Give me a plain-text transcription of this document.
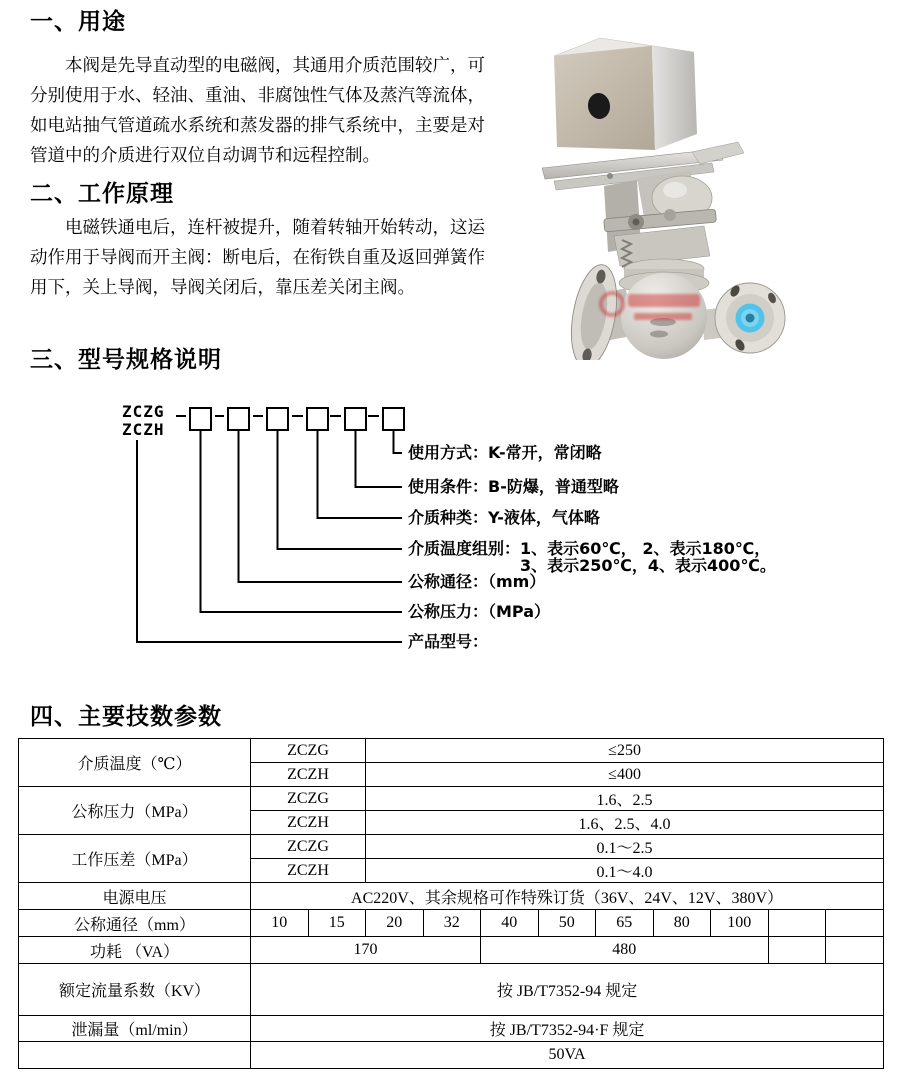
一、用途

本阀是先导直动型的电磁阀，其通用介质范围较广，可分别使用于水、轻油、重油、非腐蚀性气体及蒸汽等流体，如电站抽气管道疏水系统和蒸发器的排气系统中，主要是对管道中的介质进行双位自动调节和远程控制。

二、工作原理

电磁铁通电后，连杆被提升，随着转轴开始转动，这运动作用于导阀而开主阀：断电后，在衔铁自重及返回弹簧作用下，关上导阀，导阀关闭后，靠压差关闭主阀。

三、型号规格说明
ZCZG
ZCZH
使用方式：K-常开，常闭略
使用条件：B-防爆，普通型略
介质种类：Y-液体，气体略
介质温度组别：1、表示60℃， 2、表示180℃，
3、表示250℃，4、表示400℃。
公称通径：（mm）
公称压力：（MPa）
产品型号：
四、主要技数参数
介质温度（℃）	ZCZG		≤250								
	ZCZH		≤400								
公称压力（MPa）	ZCZG		1.6、2.5								
	ZCZH		1.6、2.5、4.0								
工作压差（MPa）	ZCZG		0.1～2.5								
	ZCZH		0.1～4.0								
电源电压	AC220V、其余规格可作特殊订货（36V、24V、12V、380V）										
公称通径（mm）	10	15	20	32	40	50	65	80	100		
功耗 （VA）	170				480						
额定流量系数（KV）	按 JB/T7352-94 规定										
泄漏量（ml/min）	按 JB/T7352-94·F 规定										
	50VA										
